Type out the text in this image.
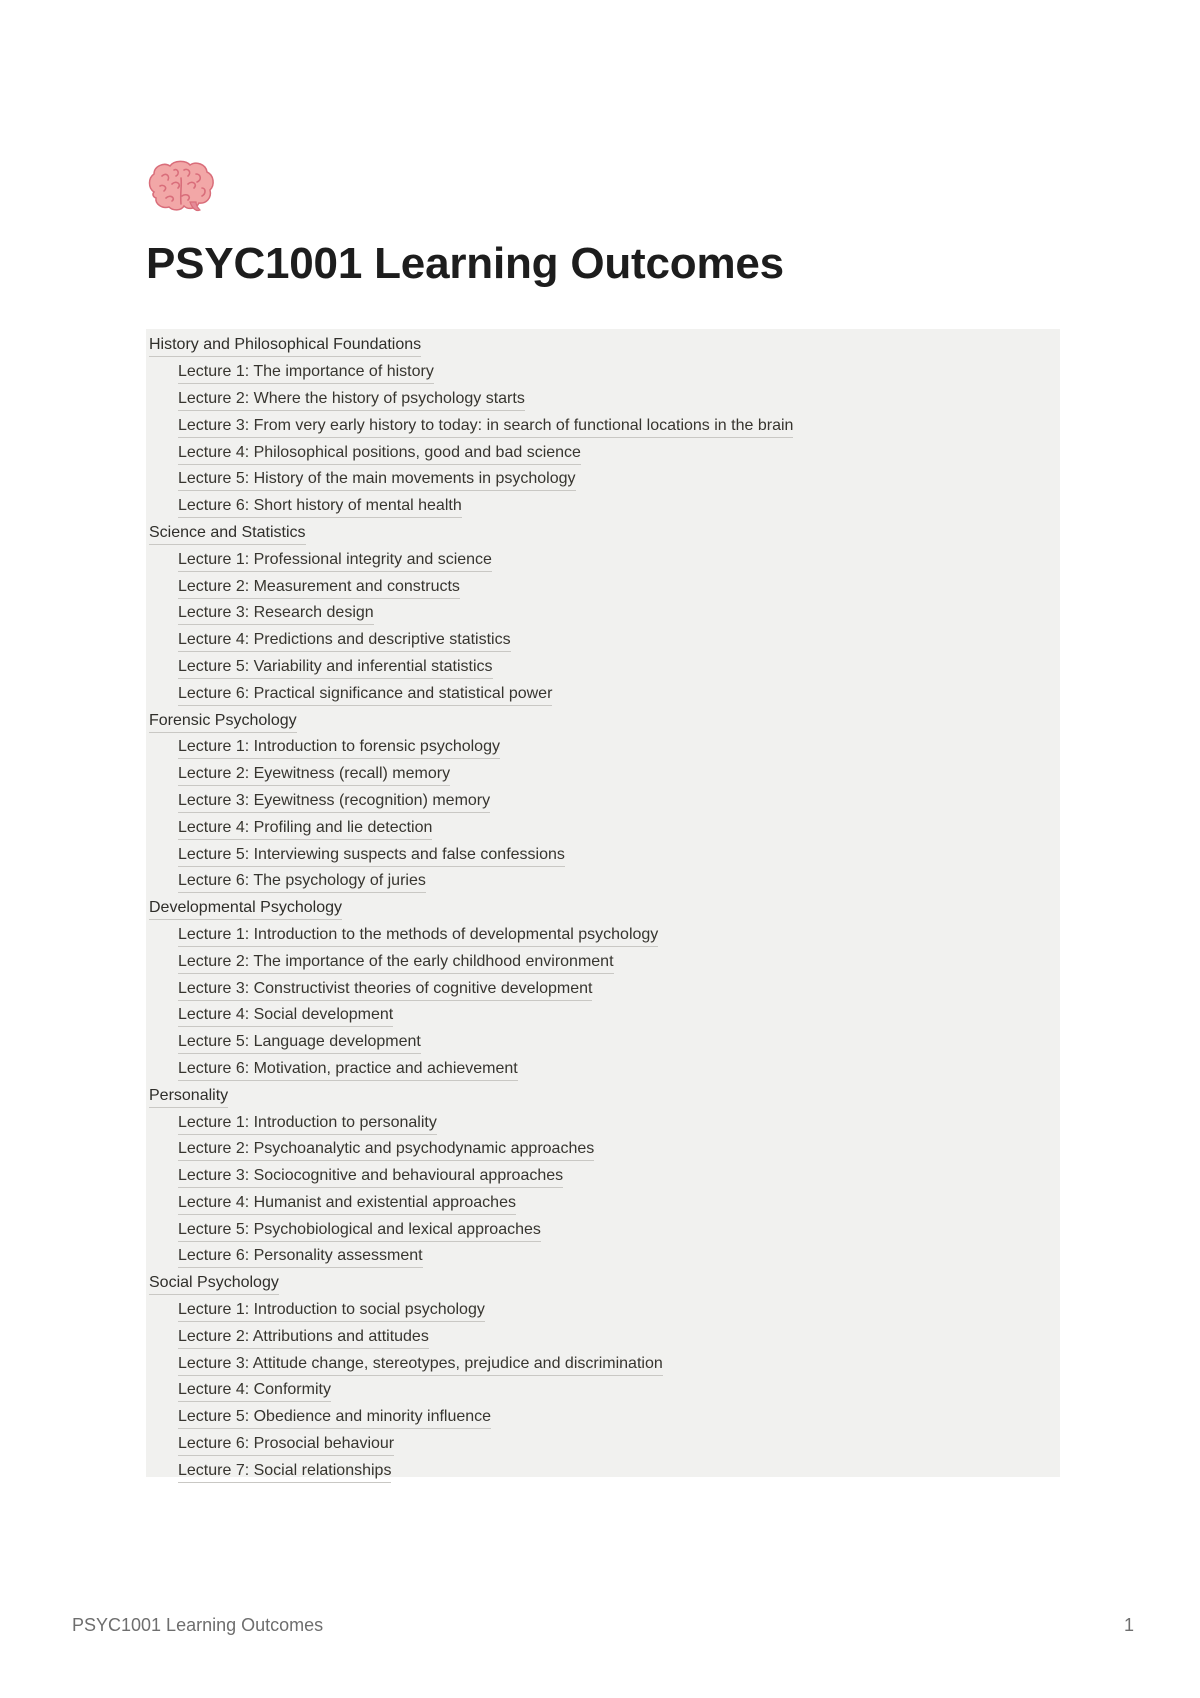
PSYC1001 Learning Outcomes
History and Philosophical Foundations
Lecture 1: The importance of history
Lecture 2: Where the history of psychology starts
Lecture 3: From very early history to today: in search of functional locations in the brain
Lecture 4: Philosophical positions, good and bad science
Lecture 5: History of the main movements in psychology
Lecture 6: Short history of mental health
Science and Statistics
Lecture 1: Professional integrity and science
Lecture 2: Measurement and constructs
Lecture 3: Research design
Lecture 4: Predictions and descriptive statistics
Lecture 5: Variability and inferential statistics
Lecture 6: Practical significance and statistical power
Forensic Psychology
Lecture 1: Introduction to forensic psychology
Lecture 2: Eyewitness (recall) memory
Lecture 3: Eyewitness (recognition) memory
Lecture 4: Profiling and lie detection
Lecture 5: Interviewing suspects and false confessions
Lecture 6: The psychology of juries
Developmental Psychology
Lecture 1: Introduction to the methods of developmental psychology
Lecture 2: The importance of the early childhood environment
Lecture 3: Constructivist theories of cognitive development
Lecture 4: Social development
Lecture 5: Language development
Lecture 6: Motivation, practice and achievement
Personality
Lecture 1: Introduction to personality
Lecture 2: Psychoanalytic and psychodynamic approaches
Lecture 3: Sociocognitive and behavioural approaches
Lecture 4: Humanist and existential approaches
Lecture 5: Psychobiological and lexical approaches
Lecture 6: Personality assessment
Social Psychology
Lecture 1: Introduction to social psychology
Lecture 2: Attributions and attitudes
Lecture 3: Attitude change, stereotypes, prejudice and discrimination
Lecture 4: Conformity
Lecture 5: Obedience and minority influence
Lecture 6: Prosocial behaviour
Lecture 7: Social relationships
PSYC1001 Learning Outcomes	1
